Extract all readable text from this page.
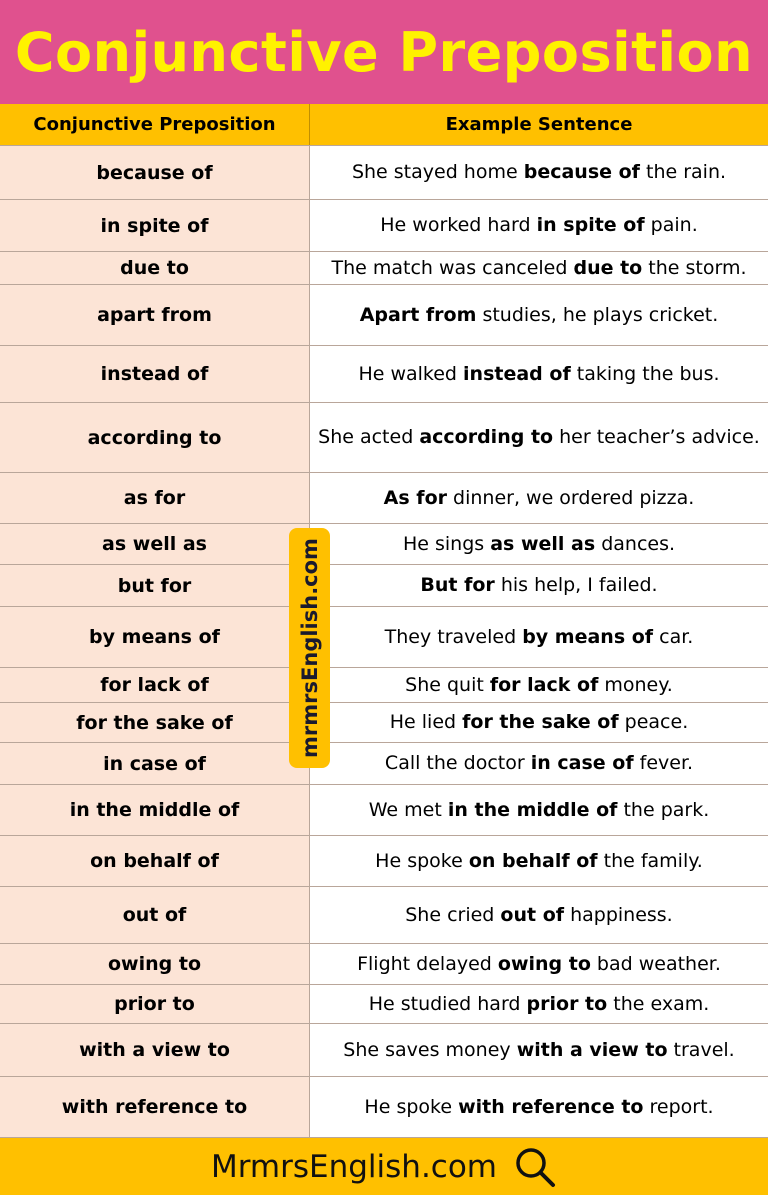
Conjunctive Preposition
Conjunctive Preposition	Example Sentence
because of	She stayed home because of the rain.
in spite of	He worked hard in spite of pain.
due to	The match was canceled due to the storm.
apart from	Apart from studies, he plays cricket.
instead of	He walked instead of taking the bus.
according to	She acted according to her teacher’s advice.
as for	As for dinner, we ordered pizza.
as well as	He sings as well as dances.
but for	But for his help, I failed.
by means of	They traveled by means of car.
for lack of	She quit for lack of money.
for the sake of	He lied for the sake of peace.
in case of	Call the doctor in case of fever.
in the middle of	We met in the middle of the park.
on behalf of	He spoke on behalf of the family.
out of	She cried out of happiness.
owing to	Flight delayed owing to bad weather.
prior to	He studied hard prior to the exam.
with a view to	She saves money with a view to travel.
with reference to	He spoke with reference to report.
mrmrsEnglish.com
MrmrsEnglish.com
